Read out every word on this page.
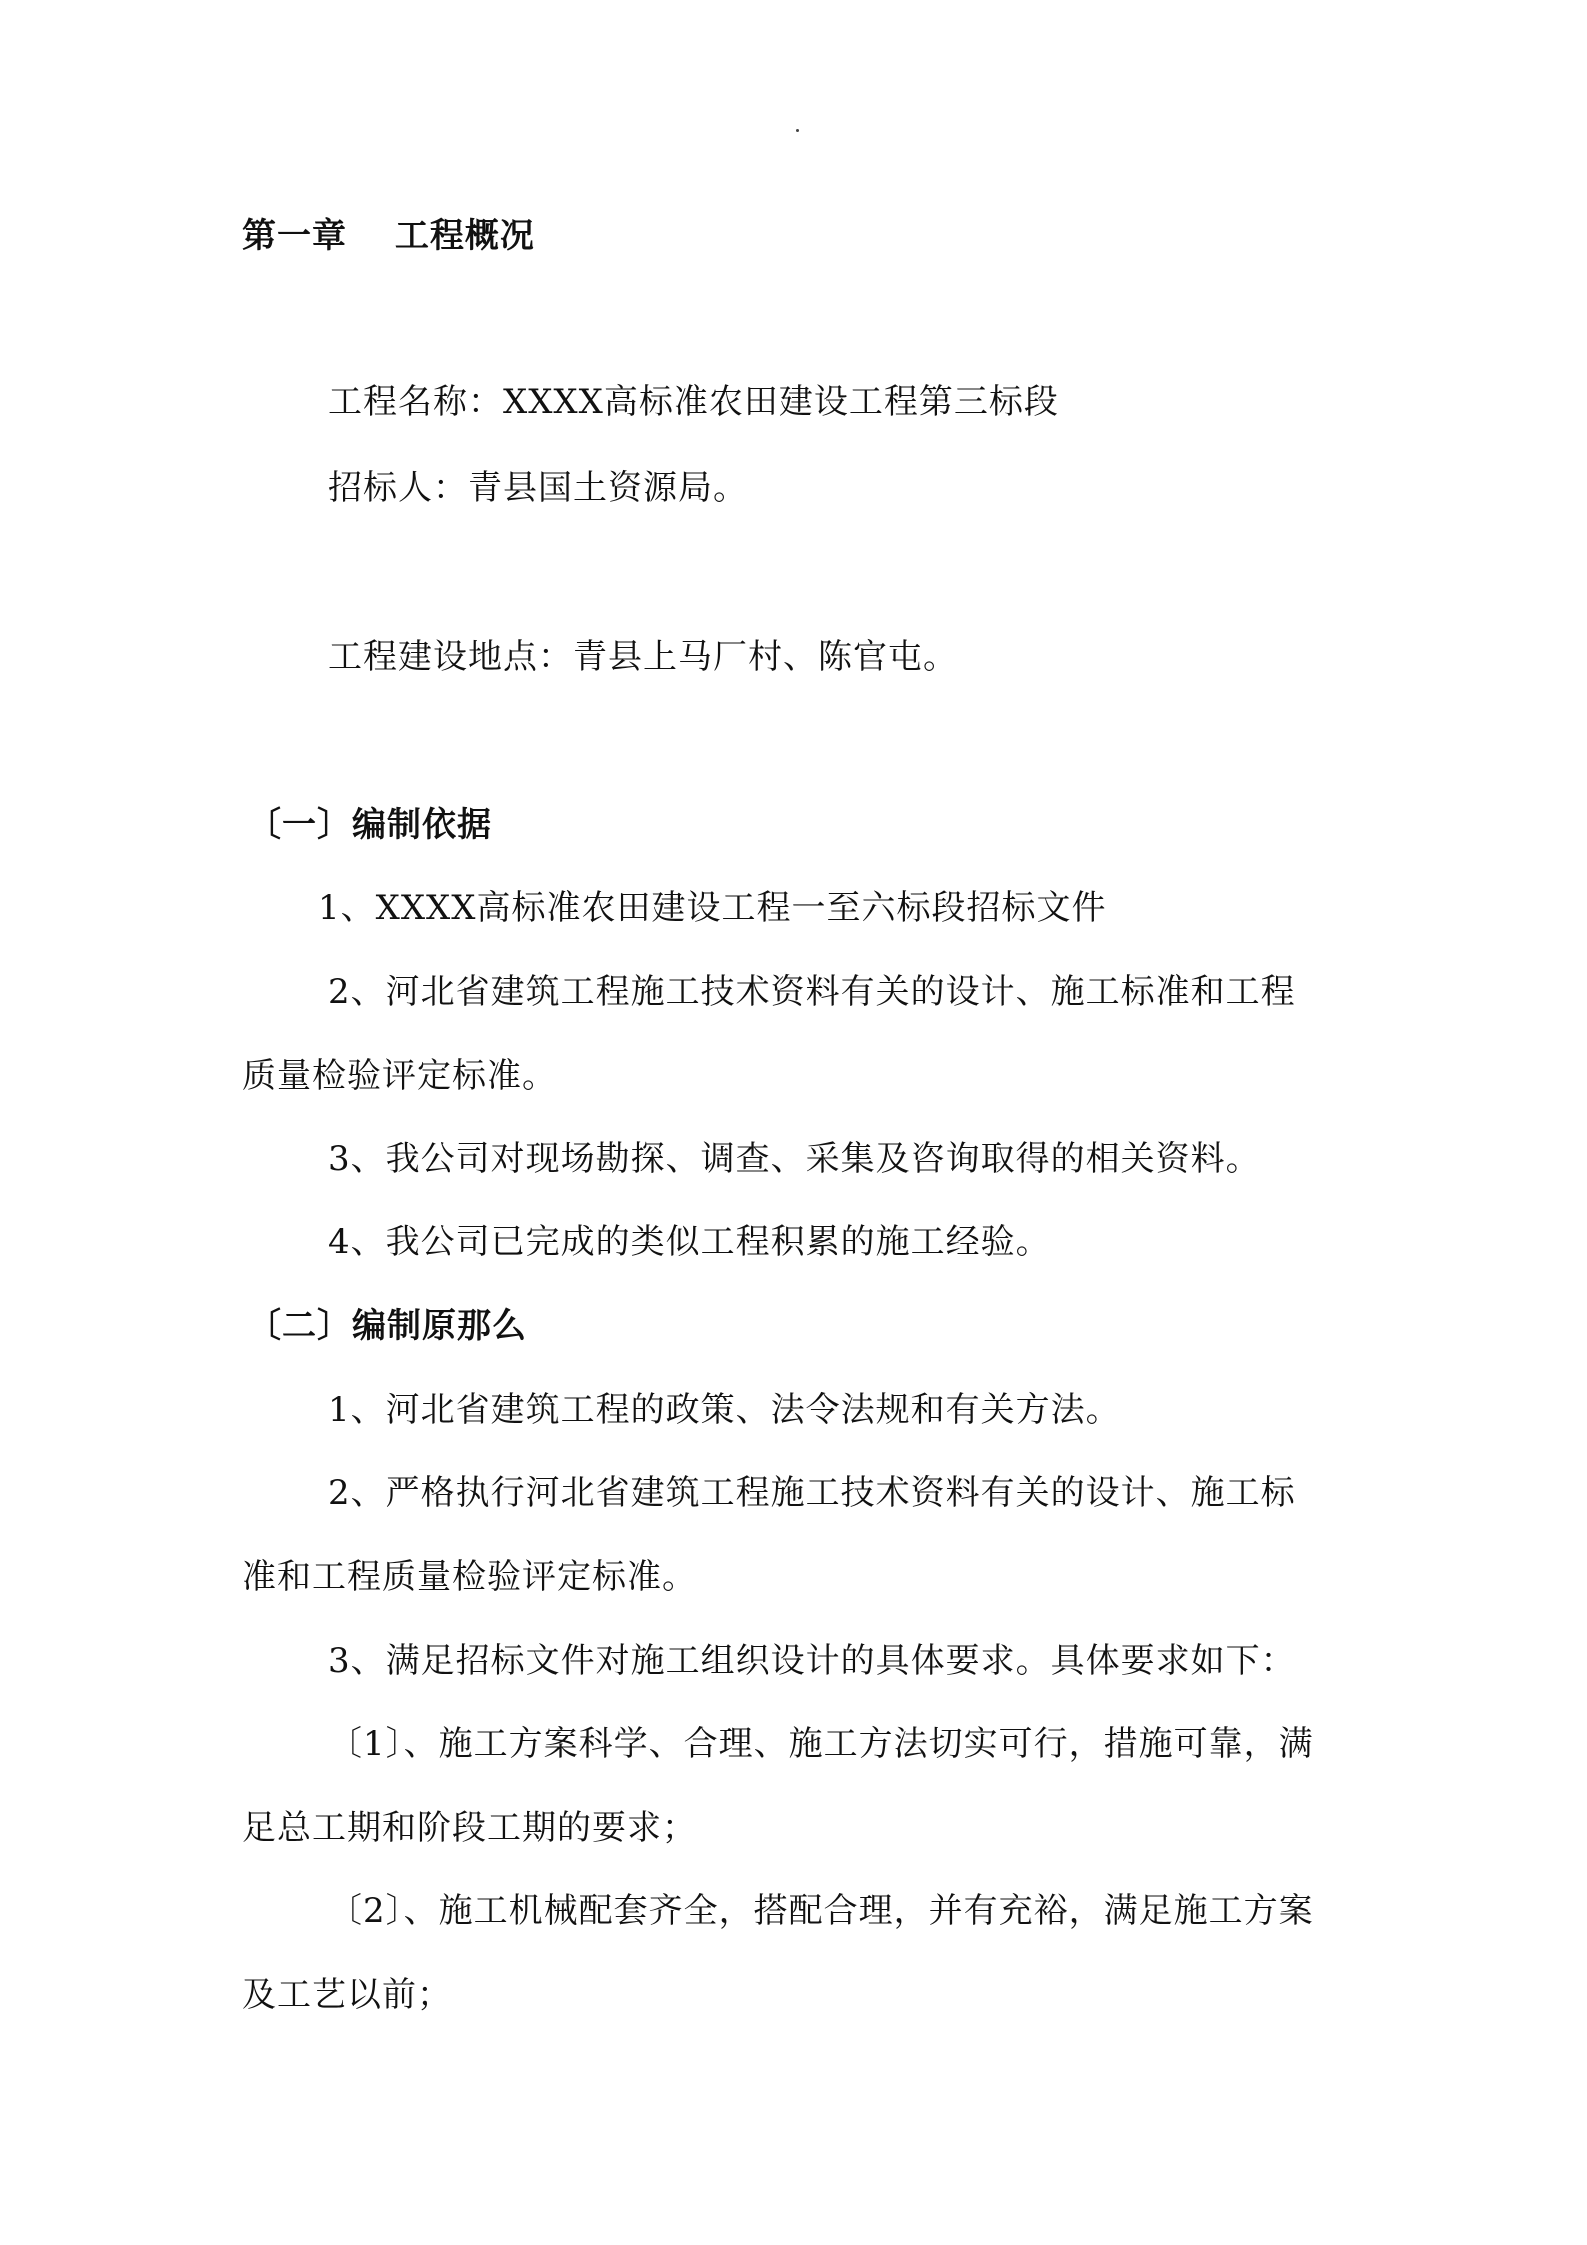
第一章　 工程概况
工程名称：XXXX高标准农田建设工程第三标段
招标人：青县国土资源局。
工程建设地点：青县上马厂村、陈官屯。
〔一〕编制依据
1、XXXX高标准农田建设工程一至六标段招标文件
2、河北省建筑工程施工技术资料有关的设计、施工标准和工程
质量检验评定标准。
3、我公司对现场勘探、调查、采集及咨询取得的相关资料。
4、我公司已完成的类似工程积累的施工经验。
〔二〕编制原那么
1、河北省建筑工程的政策、法令法规和有关方法。
2、严格执行河北省建筑工程施工技术资料有关的设计、施工标
准和工程质量检验评定标准。
3、满足招标文件对施工组织设计的具体要求。具体要求如下：
〔1〕、施工方案科学、合理、施工方法切实可行，措施可靠，满
足总工期和阶段工期的要求；
〔2〕、施工机械配套齐全，搭配合理，并有充裕，满足施工方案
及工艺以前；
